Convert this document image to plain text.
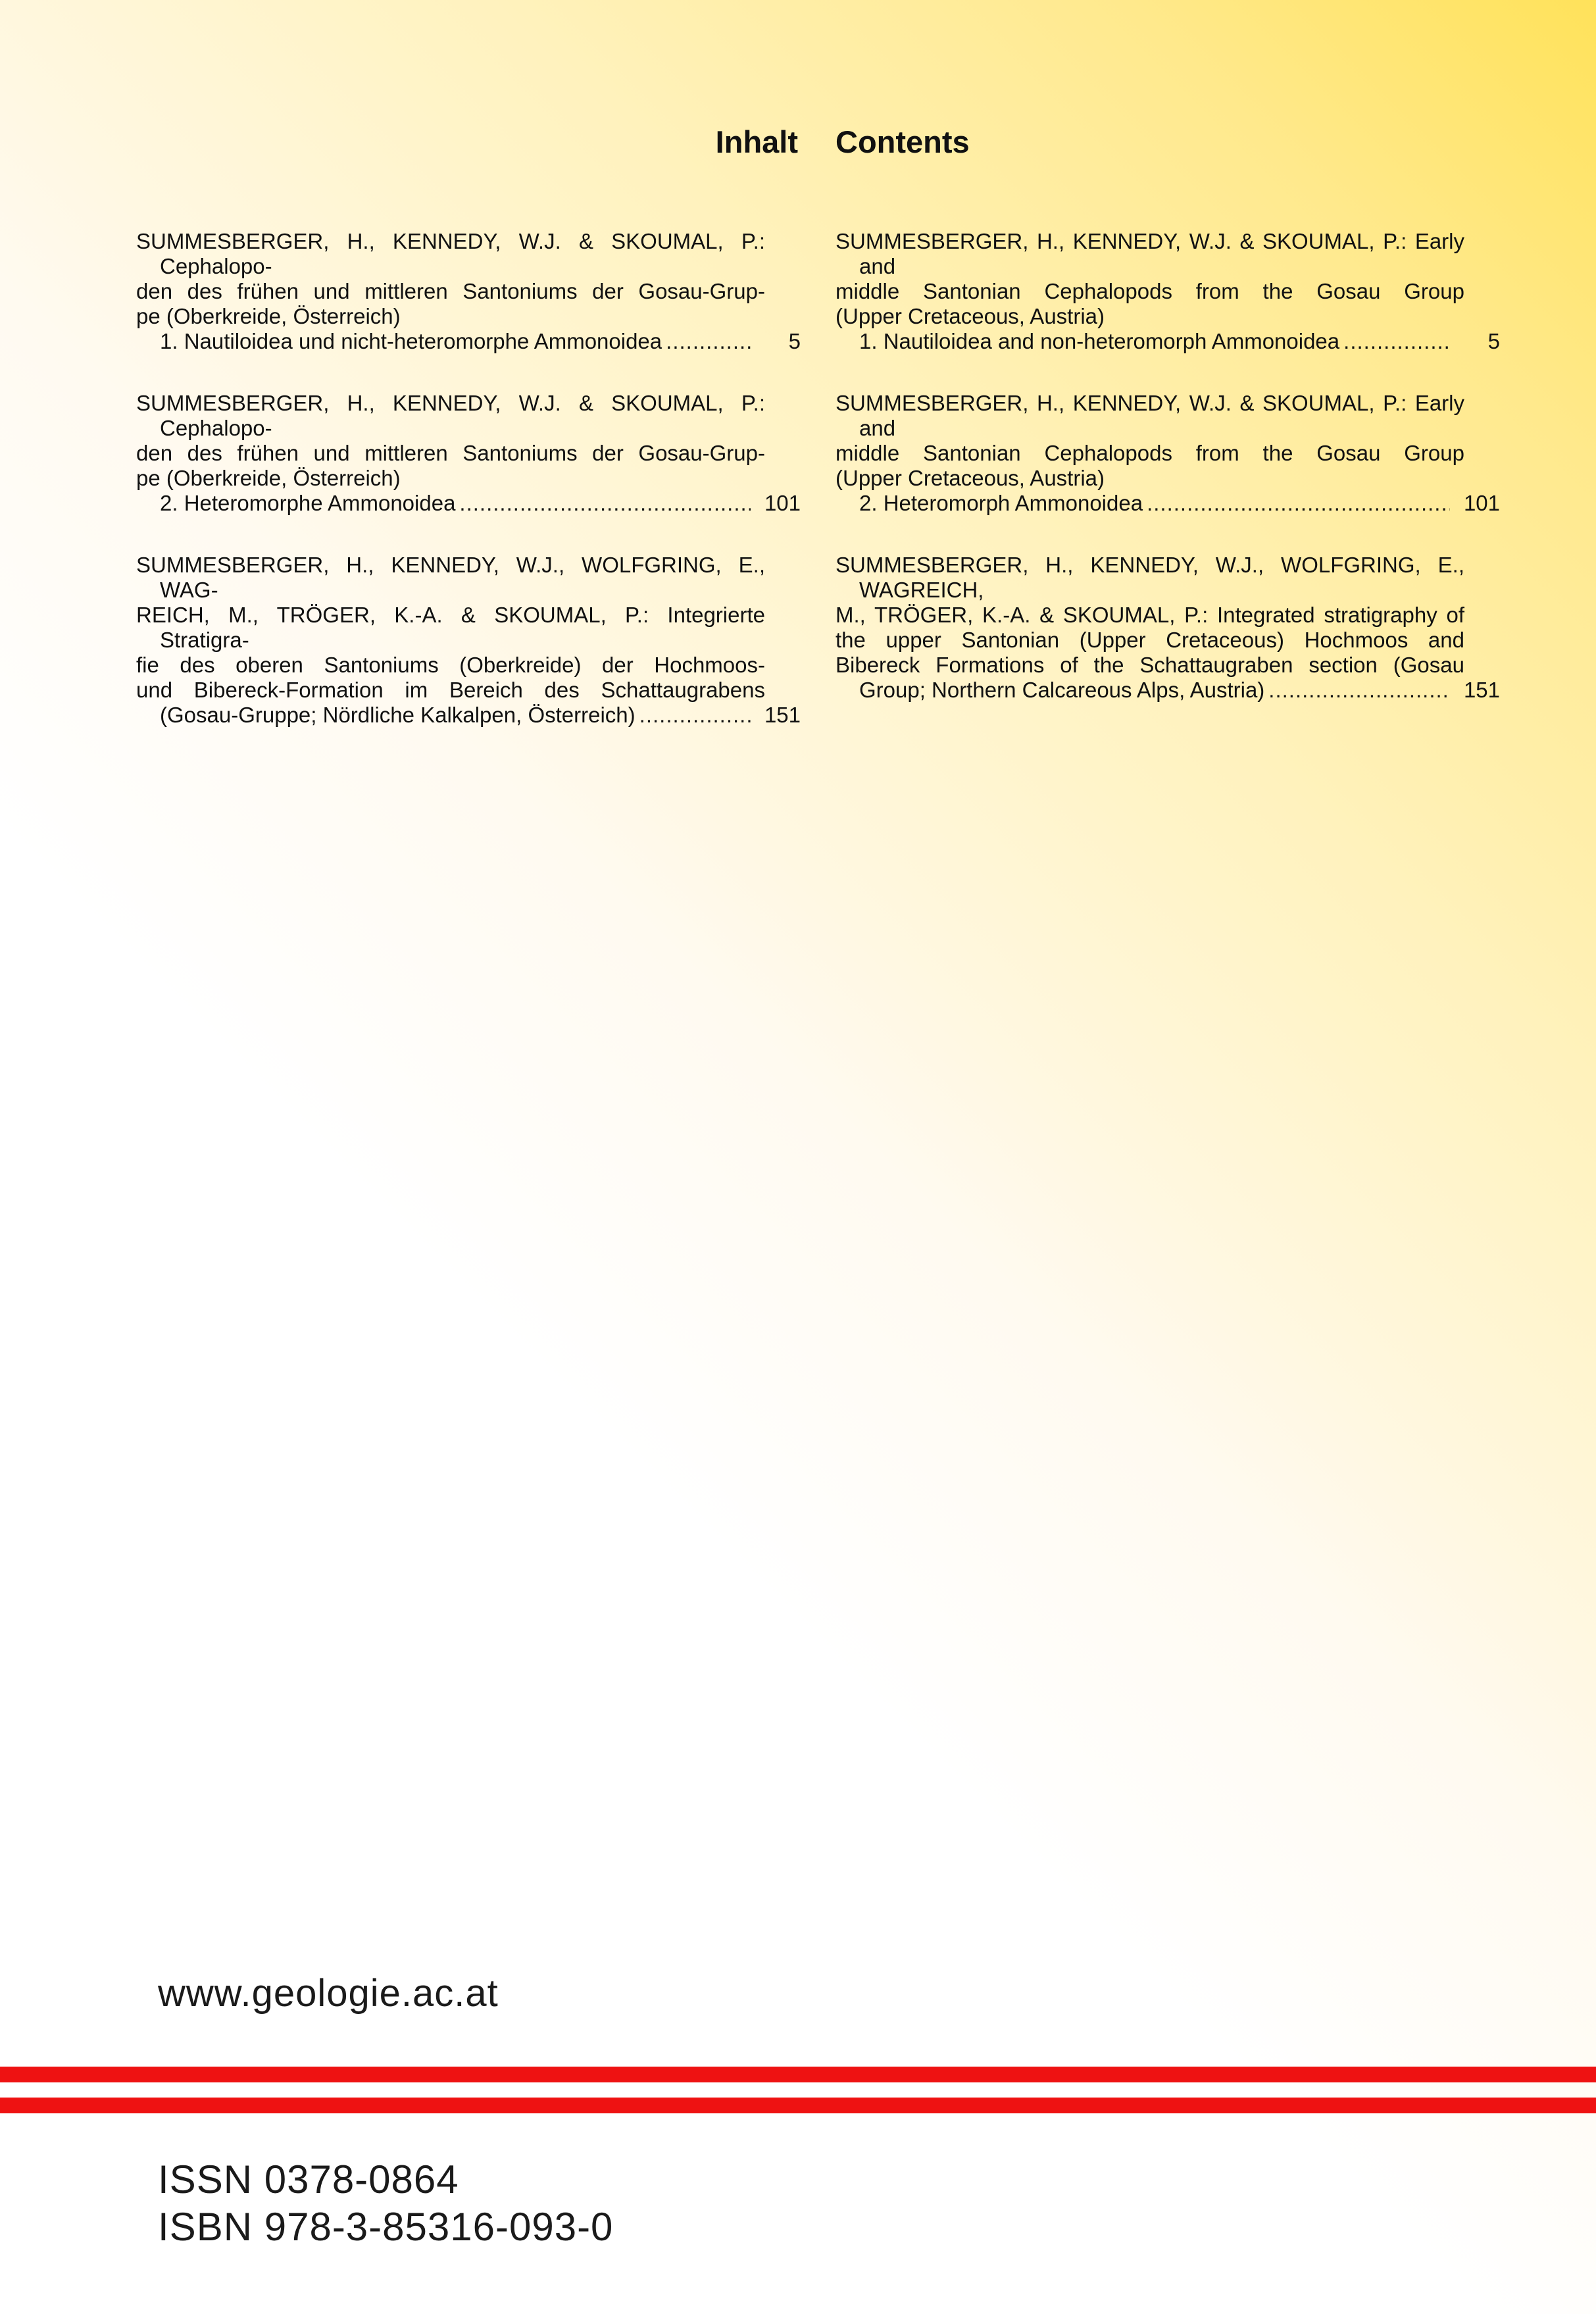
Inhalt Contents
SUMMESBERGER, H., KENNEDY, W.J. & SKOUMAL, P.: Cephalopo-
den des frühen und mittleren Santoniums der Gosau-Grup-
pe (Oberkreide, Österreich)
1. Nautiloidea und nicht-heteromorphe Ammonoidea .....	5
SUMMESBERGER, H., KENNEDY, W.J. & SKOUMAL, P.: Cephalopo-
den des frühen und mittleren Santoniums der Gosau-Grup-
pe (Oberkreide, Österreich)
2. Heteromorphe Ammonoidea .....	101
SUMMESBERGER, H., KENNEDY, W.J., WOLFGRING, E., WAG-
REICH, M., TRÖGER, K.-A. & SKOUMAL, P.: Integrierte Stratigra-
fie des oberen Santoniums (Oberkreide) der Hochmoos-
und Bibereck-Formation im Bereich des Schattaugrabens
(Gosau-Gruppe; Nördliche Kalkalpen, Österreich) .....	151
SUMMESBERGER, H., KENNEDY, W.J. & SKOUMAL, P.: Early and
middle Santonian Cephalopods from the Gosau Group
(Upper Cretaceous, Austria)
1. Nautiloidea and non-heteromorph Ammonoidea .....	5
SUMMESBERGER, H., KENNEDY, W.J. & SKOUMAL, P.: Early and
middle Santonian Cephalopods from the Gosau Group
(Upper Cretaceous, Austria)
2. Heteromorph Ammonoidea .....	101
SUMMESBERGER, H., KENNEDY, W.J., WOLFGRING, E., WAGREICH,
M., TRÖGER, K.-A. & SKOUMAL, P.: Integrated stratigraphy of
the upper Santonian (Upper Cretaceous) Hochmoos and
Bibereck Formations of the Schattaugraben section (Gosau
Group; Northern Calcareous Alps, Austria) .....	151
www.geologie.ac.at
ISSN 0378-0864
ISBN 978-3-85316-093-0
